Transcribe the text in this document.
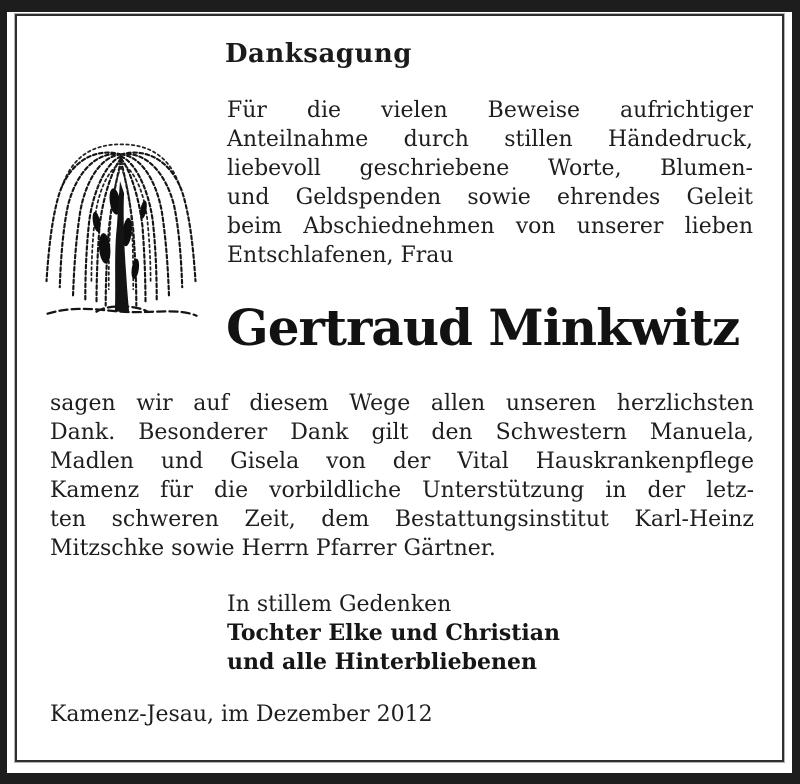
Danksagung
Für die vielen Beweise aufrichtiger
Anteilnahme durch stillen Händedruck,
liebevoll geschriebene Worte, Blumen-
und Geldspenden sowie ehrendes Geleit
beim Abschiednehmen von unserer lieben
Entschlafenen, Frau
Gertraud Minkwitz
sagen wir auf diesem Wege allen unseren herzlichsten
Dank. Besonderer Dank gilt den Schwestern Manuela,
Madlen und Gisela von der Vital Hauskrankenpflege
Kamenz für die vorbildliche Unterstützung in der letz-
ten schweren Zeit, dem Bestattungsinstitut Karl-Heinz
Mitzschke sowie Herrn Pfarrer Gärtner.
In stillem Gedenken
Tochter Elke und Christian
und alle Hinterbliebenen
Kamenz-Jesau, im Dezember 2012
